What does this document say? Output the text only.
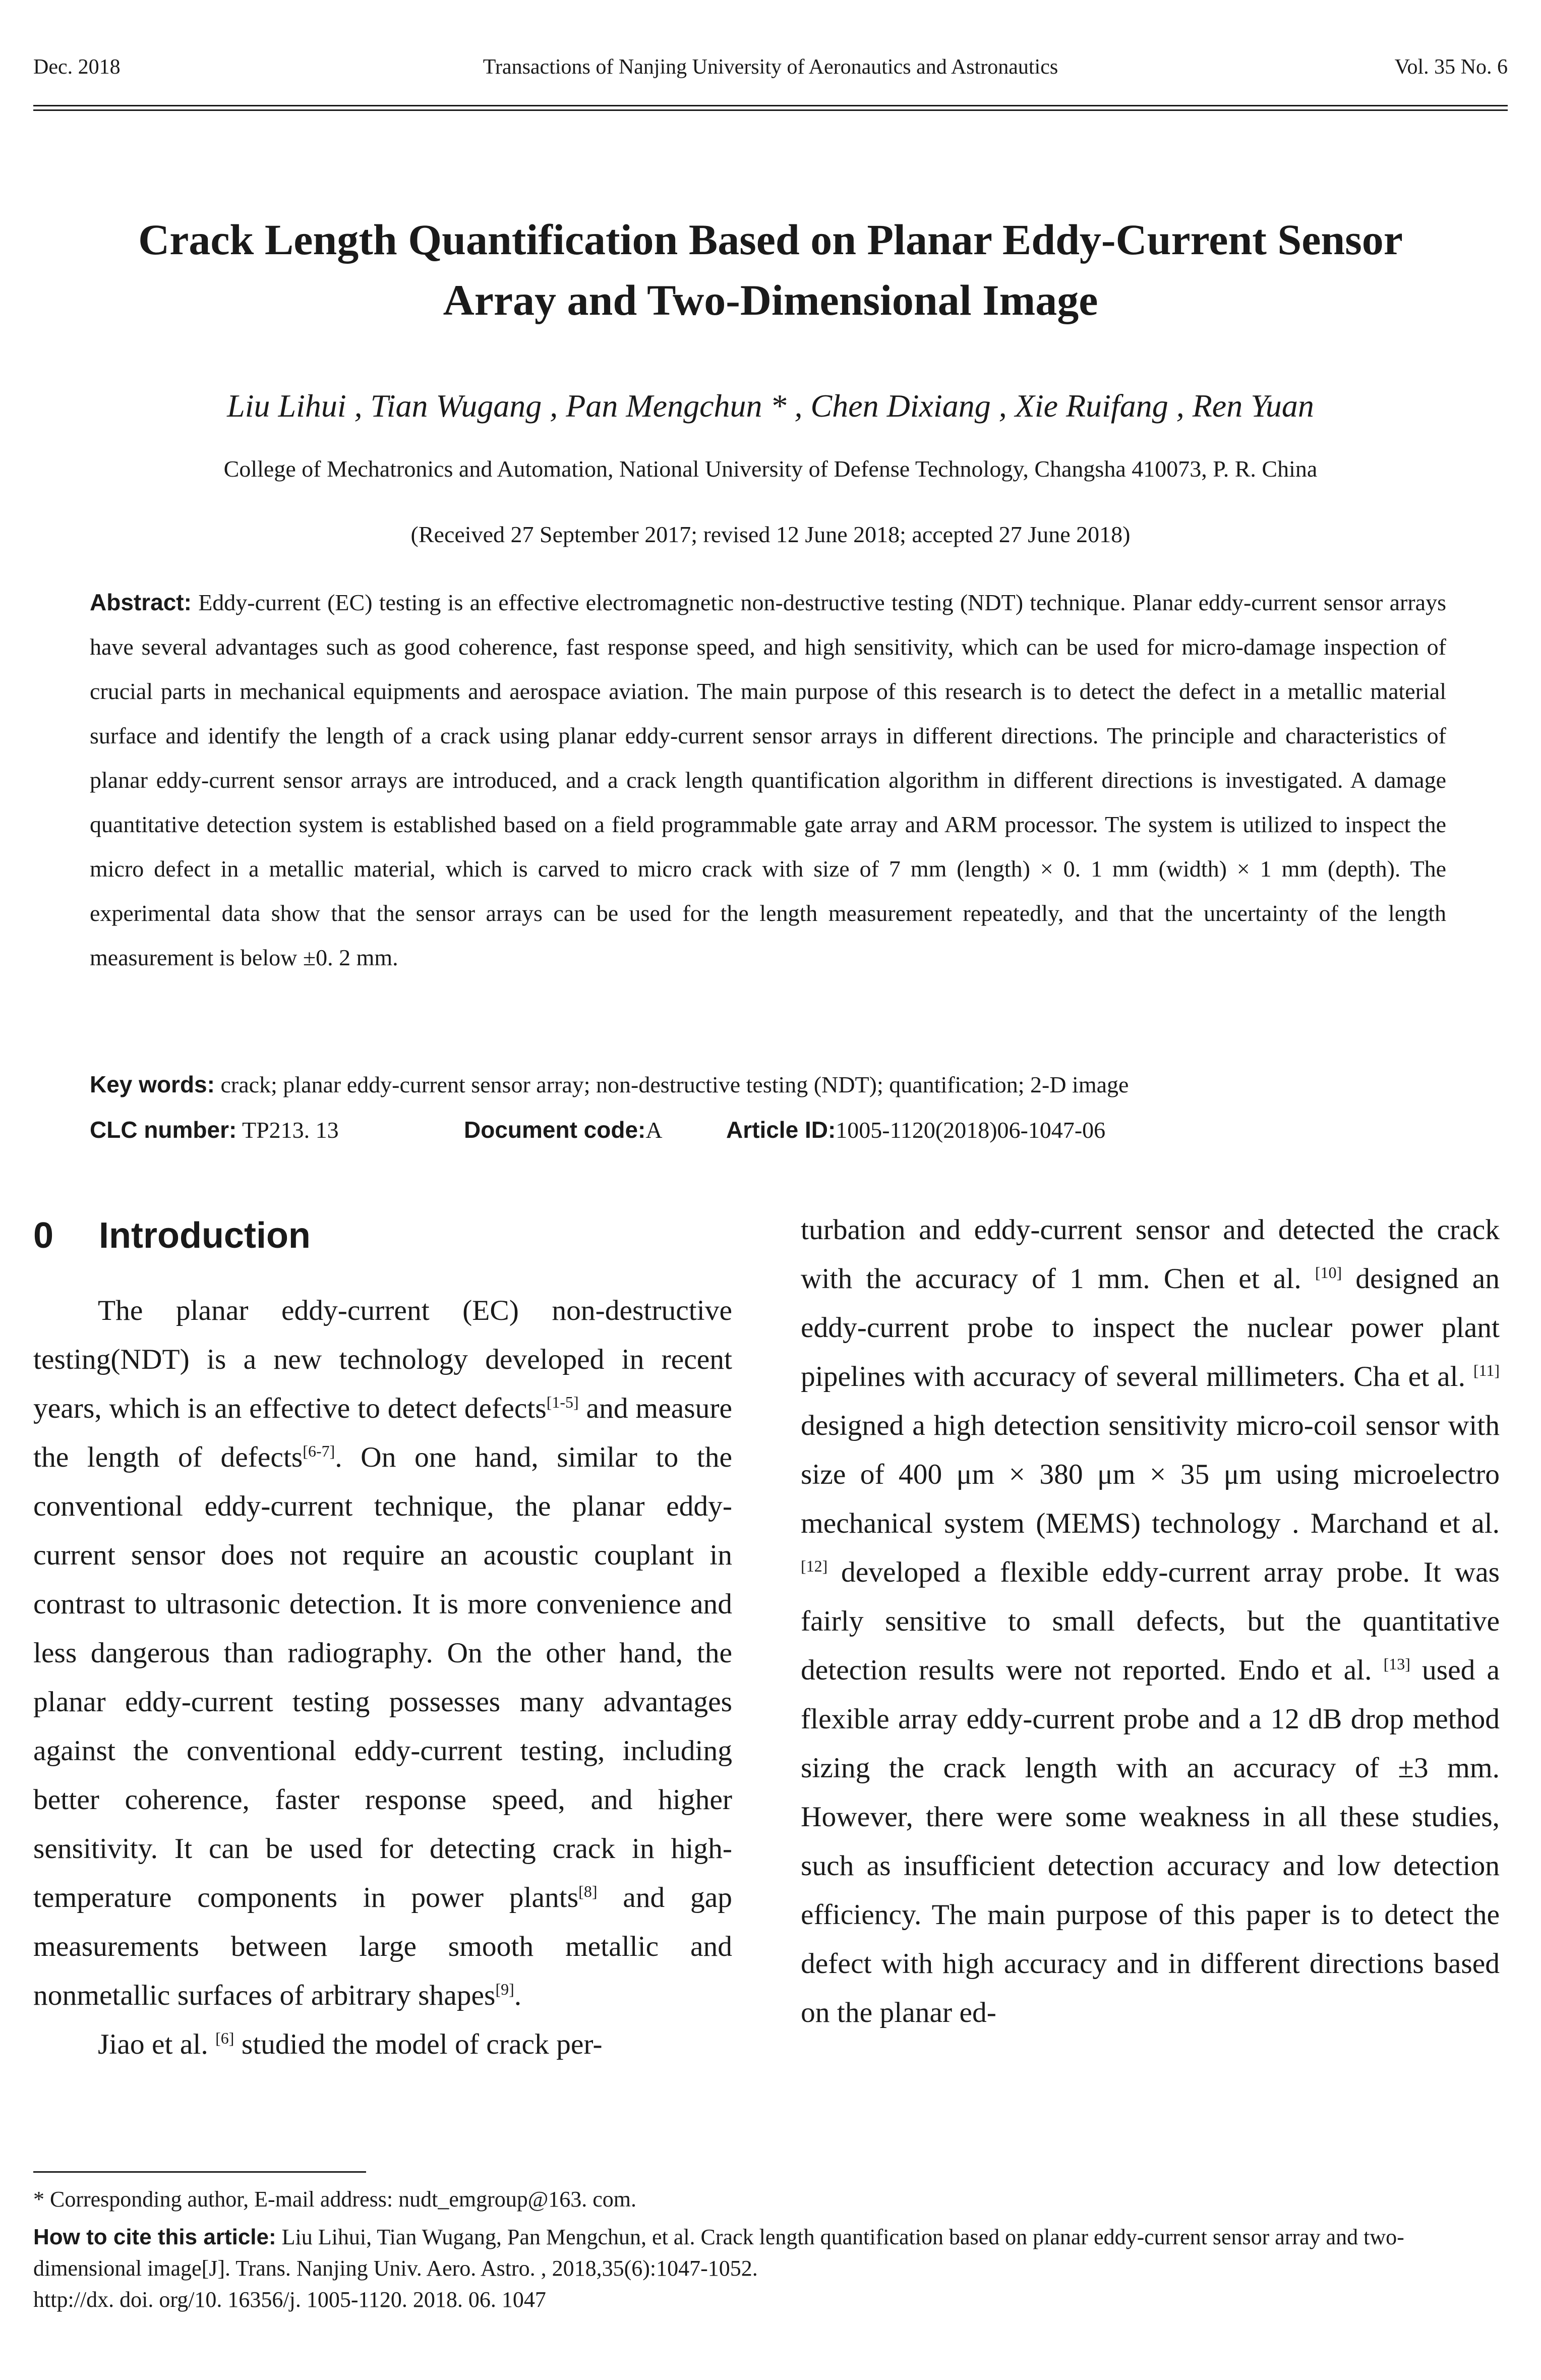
Dec. 2018	Transactions of Nanjing University of Aeronautics and Astronautics	Vol. 35 No. 6
Crack Length Quantification Based on Planar Eddy-Current Sensor
Array and Two-Dimensional Image
Liu Lihui , Tian Wugang , Pan Mengchun * , Chen Dixiang , Xie Ruifang , Ren Yuan
College of Mechatronics and Automation, National University of Defense Technology, Changsha 410073, P. R. China
(Received 27 September 2017; revised 12 June 2018; accepted 27 June 2018)
Abstract: Eddy-current (EC) testing is an effective electromagnetic non-destructive testing (NDT) technique. Planar eddy-current sensor arrays have several advantages such as good coherence, fast response speed, and high sensitivity, which can be used for micro-damage inspection of crucial parts in mechanical equipments and aerospace aviation. The main purpose of this research is to detect the defect in a metallic material surface and identify the length of a crack using planar eddy-current sensor arrays in different directions. The principle and characteristics of planar eddy-current sensor arrays are introduced, and a crack length quantification algorithm in different directions is investigated. A damage quantitative detection system is established based on a field programmable gate array and ARM processor. The system is utilized to inspect the micro defect in a metallic material, which is carved to micro crack with size of 7 mm (length) × 0. 1 mm (width) × 1 mm (depth). The experimental data show that the sensor arrays can be used for the length measurement repeatedly, and that the uncertainty of the length measurement is below ±0. 2 mm.
Key words: crack; planar eddy-current sensor array; non-destructive testing (NDT); quantification; 2-D image
CLC number: TP213. 13	Document code:A	Article ID:1005-1120(2018)06-1047-06
0 Introduction

The planar eddy-current (EC) non-destructive testing(NDT) is a new technology developed in recent years, which is an effective to detect defects[1-5] and measure the length of defects[6-7]. On one hand, similar to the conventional eddy-current technique, the planar eddy-current sensor does not require an acoustic couplant in contrast to ultrasonic detection. It is more convenience and less dangerous than radiography. On the other hand, the planar eddy-current testing possesses many advantages against the conventional eddy-current testing, including better coherence, faster response speed, and higher sensitivity. It can be used for detecting crack in high-temperature components in power plants[8] and gap measurements between large smooth metallic and nonmetallic surfaces of arbitrary shapes[9].

Jiao et al. [6] studied the model of crack per-

turbation and eddy-current sensor and detected the crack with the accuracy of 1 mm. Chen et al. [10] designed an eddy-current probe to inspect the nuclear power plant pipelines with accuracy of several millimeters. Cha et al. [11] designed a high detection sensitivity micro-coil sensor with size of 400 μm × 380 μm × 35 μm using microelectro mechanical system (MEMS) technology . Marchand et al. [12] developed a flexible eddy-current array probe. It was fairly sensitive to small defects, but the quantitative detection results were not reported. Endo et al. [13] used a flexible array eddy-current probe and a 12 dB drop method sizing the crack length with an accuracy of ±3 mm. However, there were some weakness in all these studies, such as insufficient detection accuracy and low detection efficiency. The main purpose of this paper is to detect the defect with high accuracy and in different directions based on the planar ed-

* Corresponding author, E-mail address: nudt_emgroup@163. com.
How to cite this article: Liu Lihui, Tian Wugang, Pan Mengchun, et al. Crack length quantification based on planar eddy-current sensor array and two-dimensional image[J]. Trans. Nanjing Univ. Aero. Astro. , 2018,35(6):1047-1052.
http://dx. doi. org/10. 16356/j. 1005-1120. 2018. 06. 1047
